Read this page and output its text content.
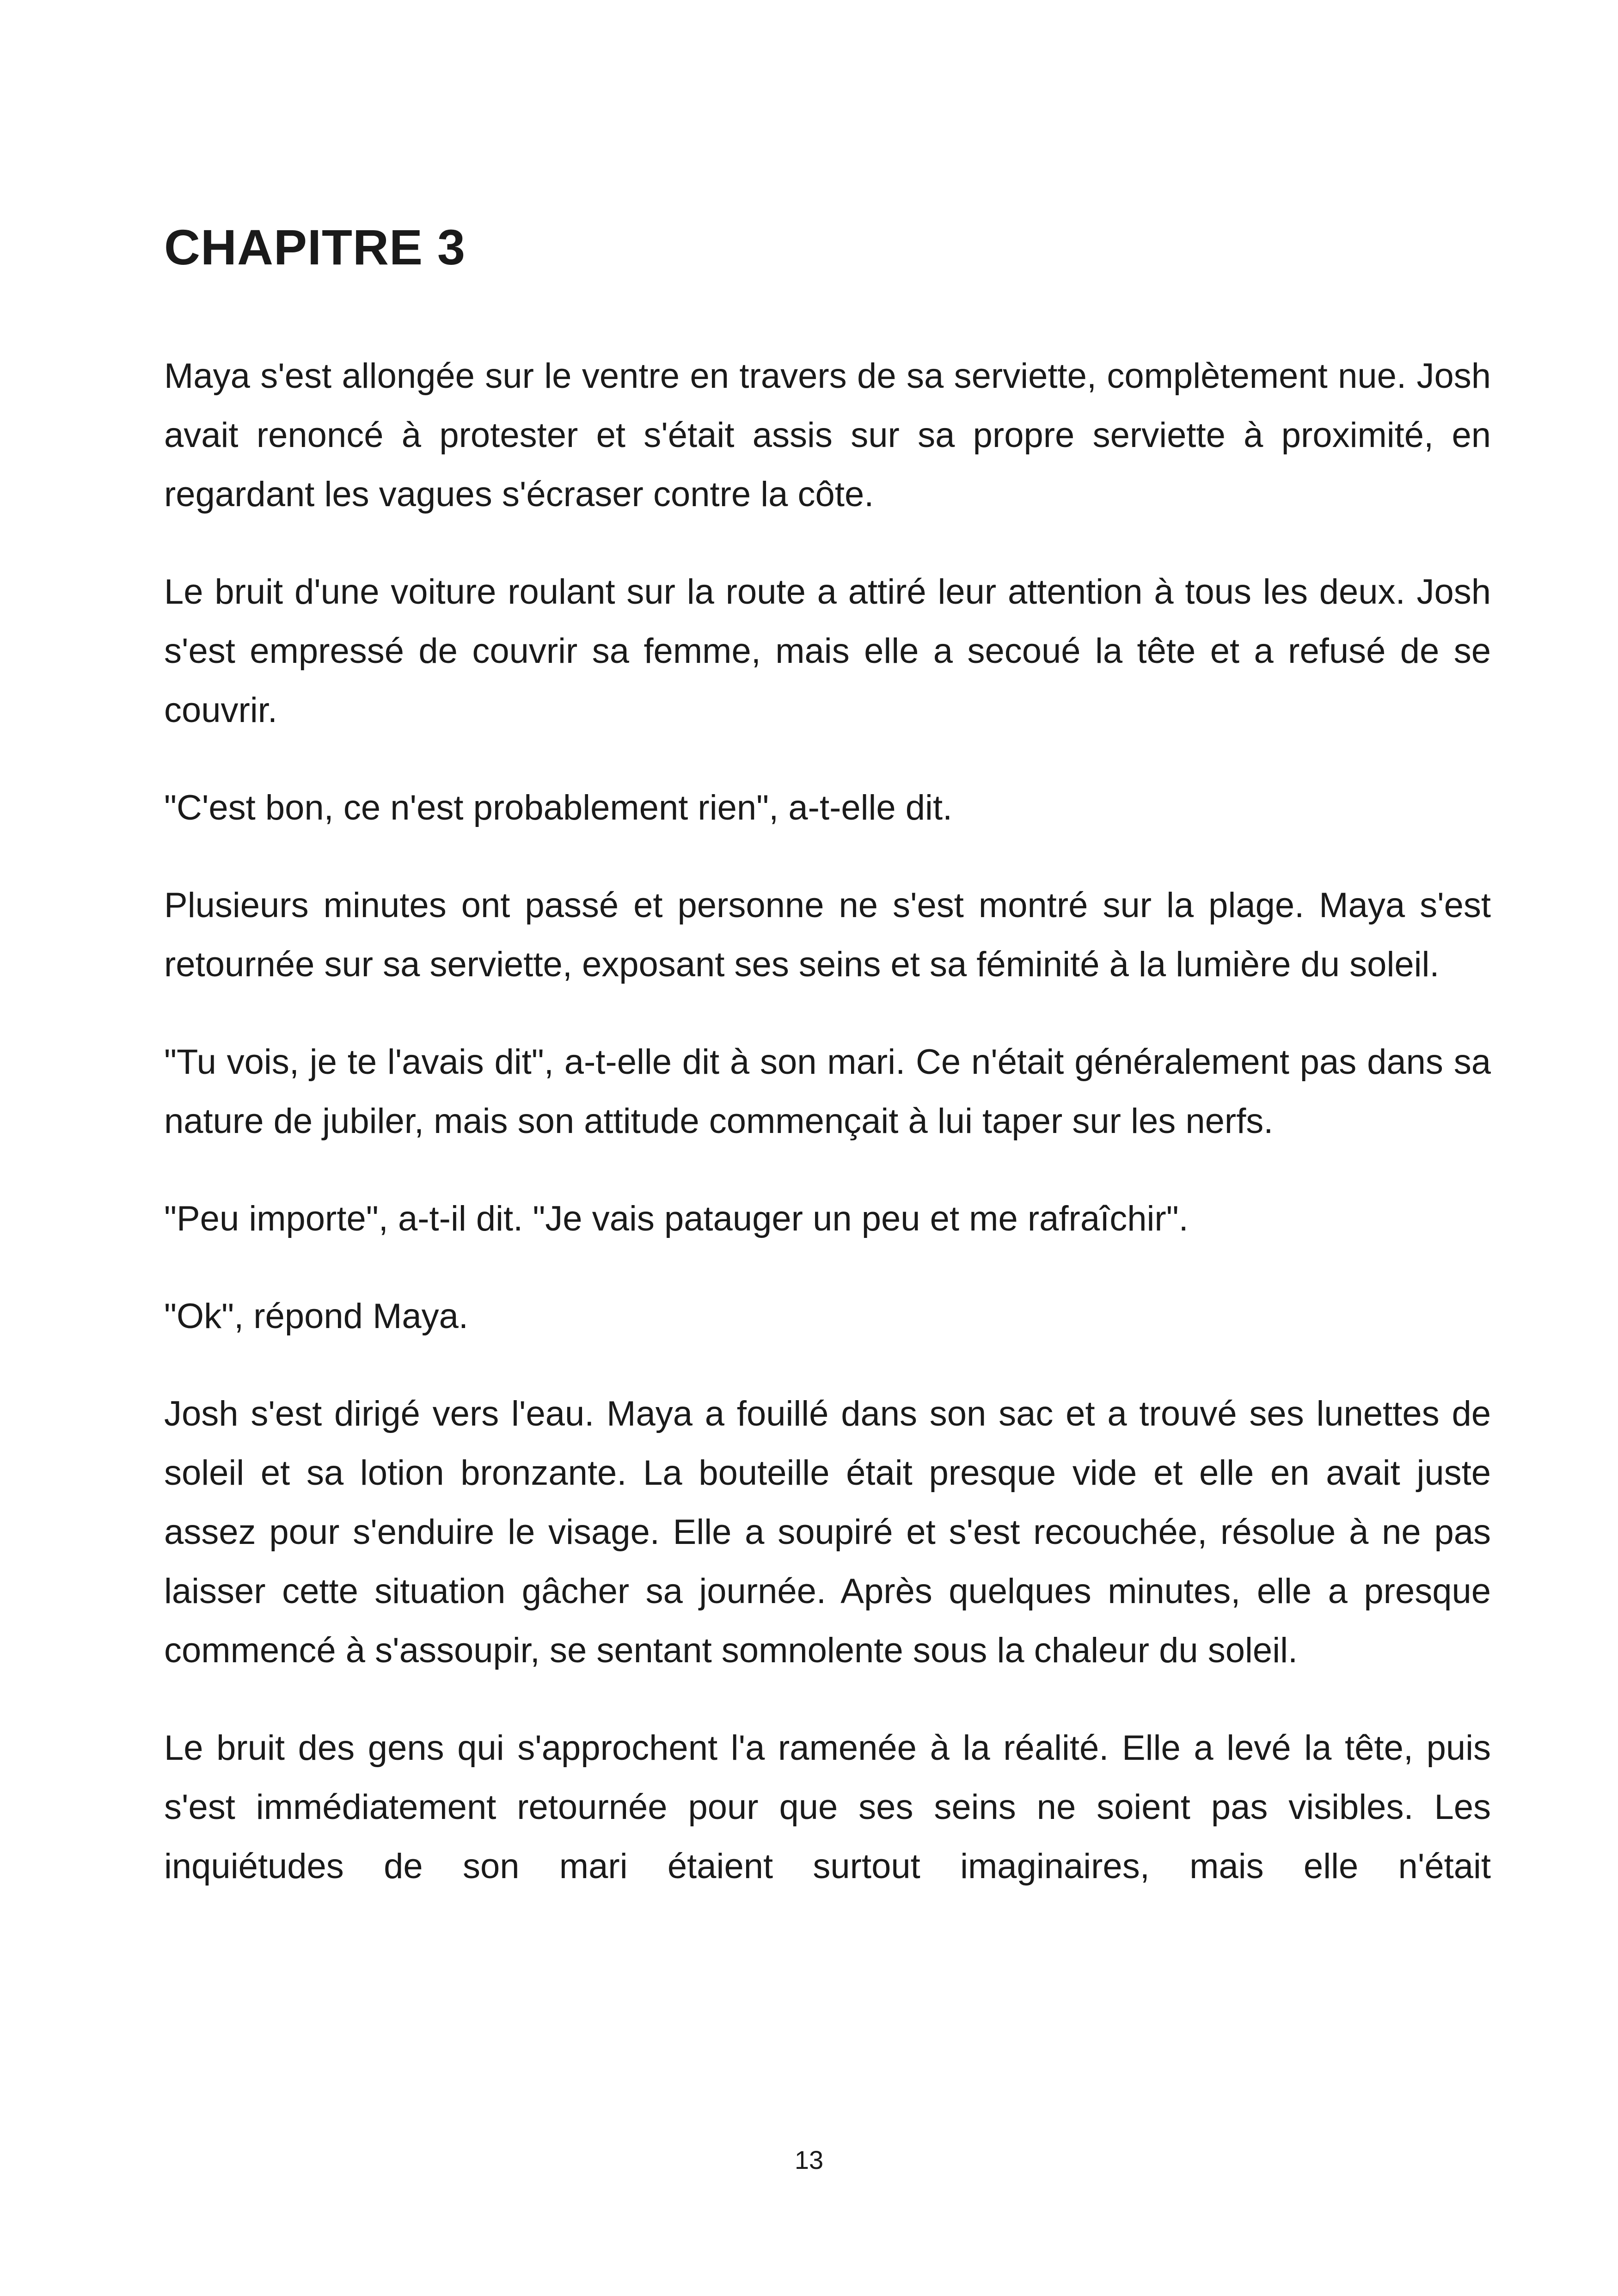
CHAPITRE 3

Maya s'est allongée sur le ventre en travers de sa serviette, complètement nue. Josh avait renoncé à protester et s'était assis sur sa propre serviette à proximité, en regardant les vagues s'écraser contre la côte.

Le bruit d'une voiture roulant sur la route a attiré leur attention à tous les deux. Josh s'est empressé de couvrir sa femme, mais elle a secoué la tête et a refusé de se couvrir.

"C'est bon, ce n'est probablement rien", a-t-elle dit.

Plusieurs minutes ont passé et personne ne s'est montré sur la plage. Maya s'est retournée sur sa serviette, exposant ses seins et sa féminité à la lumière du soleil.

"Tu vois, je te l'avais dit", a-t-elle dit à son mari. Ce n'était généralement pas dans sa nature de jubiler, mais son attitude commençait à lui taper sur les nerfs.

"Peu importe", a-t-il dit. "Je vais patauger un peu et me rafraîchir".

"Ok", répond Maya.

Josh s'est dirigé vers l'eau. Maya a fouillé dans son sac et a trouvé ses lunettes de soleil et sa lotion bronzante. La bouteille était presque vide et elle en avait juste assez pour s'enduire le visage. Elle a soupiré et s'est recouchée, résolue à ne pas laisser cette situation gâcher sa journée. Après quelques minutes, elle a presque commencé à s'assoupir, se sentant somnolente sous la chaleur du soleil.

Le bruit des gens qui s'approchent l'a ramenée à la réalité. Elle a levé la tête, puis s'est immédiatement retournée pour que ses seins ne soient pas visibles. Les inquiétudes de son mari étaient surtout imaginaires, mais elle n'était

13
